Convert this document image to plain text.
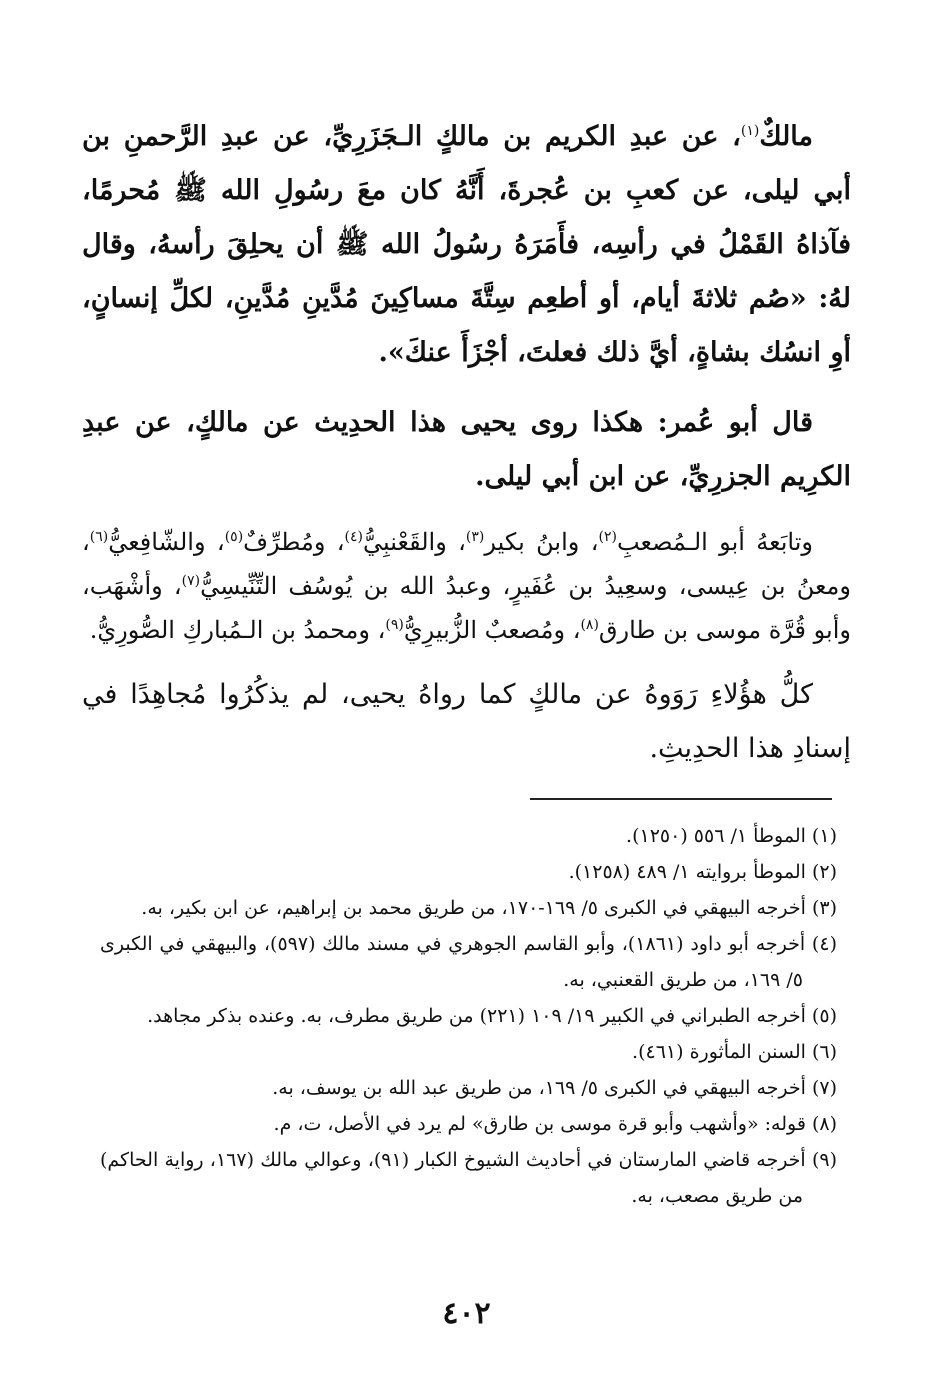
مالكٌ$^{(١)}$، عن عبدِ الكريم بن مالكٍ الـجَزَرِيِّ، عن عبدِ الرَّحمنِ بن أبي ليلى، عن كعبِ بن عُجرةَ، أَنَّهُ كان معَ رسُولِ الله ﷺ مُحرمًا، فآذاهُ القَمْلُ في رأسِه، فأَمَرَهُ رسُولُ الله ﷺ أن يحلِقَ رأسهُ، وقال لهُ: «صُم ثلاثةَ أيام، أو أطعِم سِتَّةَ مساكِينَ مُدَّينِ مُدَّينِ، لكلِّ إنسانٍ، أوِ انسُك بشاةٍ، أيَّ ذلك فعلتَ، أجْزَأَ عنكَ».

قال أبو عُمر: هكذا روى يحيى هذا الحدِيث عن مالكٍ، عن عبدِ الكرِيم الجزرِيِّ، عن ابن أبي ليلى.

وتابَعهُ أبو الـمُصعبِ$^{(٢)}$، وابنُ بكير$^{(٣)}$، والقَعْنبِيُّ$^{(٤)}$، ومُطرِّفٌ$^{(٥)}$، والشّافِعيُّ$^{(٦)}$، ومعنُ بن عِيسى، وسعِيدُ بن عُفَيرٍ، وعبدُ الله بن يُوسُف التِّنِّيسِيُّ$^{(٧)}$، وأشْهَب، وأبو قُرَّة موسى بن طارق$^{(٨)}$، ومُصعبٌ الزُّبيرِيُّ$^{(٩)}$، ومحمدُ بن الـمُباركِ الصُّورِيُّ.

كلُّ هؤُلاءِ رَوَوهُ عن مالكٍ كما رواهُ يحيى، لم يذكُرُوا مُجاهِدًا في إسنادِ هذا الحدِيثِ.

(١) الموطأ ١/ ٥٥٦ (١٢٥٠).

(٢) الموطأ بروايته ١/ ٤٨٩ (١٢٥٨).

(٣) أخرجه البيهقي في الكبرى ٥/ ١٦٩-١٧٠، من طريق محمد بن إبراهيم، عن ابن بكير، به.

(٤) أخرجه أبو داود (١٨٦١)، وأبو القاسم الجوهري في مسند مالك (٥٩٧)، والبيهقي في الكبرى ٥/ ١٦٩، من طريق القعنبي، به.

(٥) أخرجه الطبراني في الكبير ١٩/ ١٠٩ (٢٢١) من طريق مطرف، به. وعنده بذكر مجاهد.

(٦) السنن المأثورة (٤٦١).

(٧) أخرجه البيهقي في الكبرى ٥/ ١٦٩، من طريق عبد الله بن يوسف، به.

(٨) قوله: «وأشهب وأبو قرة موسى بن طارق» لم يرد في الأصل، ت، م.

(٩) أخرجه قاضي المارستان في أحاديث الشيوخ الكبار (٩١)، وعوالي مالك (١٦٧، رواية الحاكم) من طريق مصعب، به.

٤٠٢
